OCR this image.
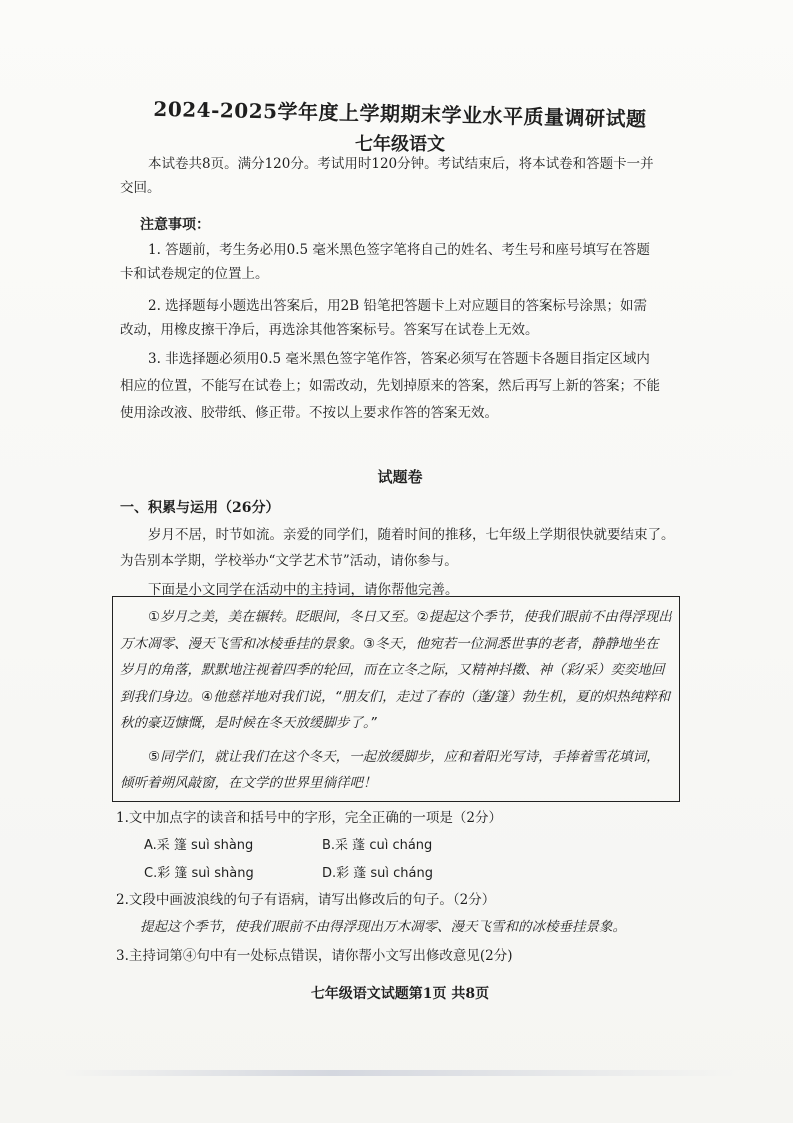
2024-2025学年度上学期期末学业水平质量调研试题
七年级语文
本试卷共8页。满分120分。考试用时120分钟。考试结束后，将本试卷和答题卡一并交回。
注意事项：
1. 答题前，考生务必用0.5 毫米黑色签字笔将自己的姓名、考生号和座号填写在答题卡和试卷规定的位置上。
2. 选择题每小题选出答案后，用2B 铅笔把答题卡上对应题目的答案标号涂黑；如需改动，用橡皮擦干净后，再选涂其他答案标号。答案写在试卷上无效。
3. 非选择题必须用0.5 毫米黑色签字笔作答，答案必须写在答题卡各题目指定区域内相应的位置，不能写在试卷上；如需改动，先划掉原来的答案，然后再写上新的答案；不能使用涂改液、胶带纸、修正带。不按以上要求作答的答案无效。
试题卷
一、积累与运用（26分）
岁月不居，时节如流。亲爱的同学们，随着时间的推移，七年级上学期很快就要结束了。为告别本学期，学校举办“文学艺术节”活动，请你参与。
下面是小文同学在活动中的主持词，请你帮他完善。
①岁月之美，美在辗转。眨眼间，冬日又至。②提起这个季节，使我们眼前不由得浮现出万木凋零、漫天飞雪和冰棱垂挂的景象。③冬天，他宛若一位洞悉世事的老者，静静地坐在岁月的角落，默默地注视着四季的轮回，而在立冬之际，又精神抖擞、神（彩/采）奕奕地回到我们身边。④他慈祥地对我们说，“朋友们，走过了春的（蓬/篷）勃生机，夏的炽热纯粹和秋的豪迈慷慨，是时候在冬天放缓脚步了。”
⑤同学们，就让我们在这个冬天，一起放缓脚步，应和着阳光写诗，手捧着雪花填词，倾听着朔风敲窗，在文学的世界里徜徉吧！
1.文中加点字的读音和括号中的字形，完全正确的一项是（2分）
A.采 篷 suì shàng	B.采 蓬 cuì cháng
C.彩 篷 suì shàng	D.彩 蓬 suì cháng
2.文段中画波浪线的句子有语病，请写出修改后的句子。（2分）
提起这个季节，使我们眼前不由得浮现出万木凋零、漫天飞雪和的冰棱垂挂景象。
3.主持词第④句中有一处标点错误，请你帮小文写出修改意见(2分)
七年级语文试题第1页 共8页
